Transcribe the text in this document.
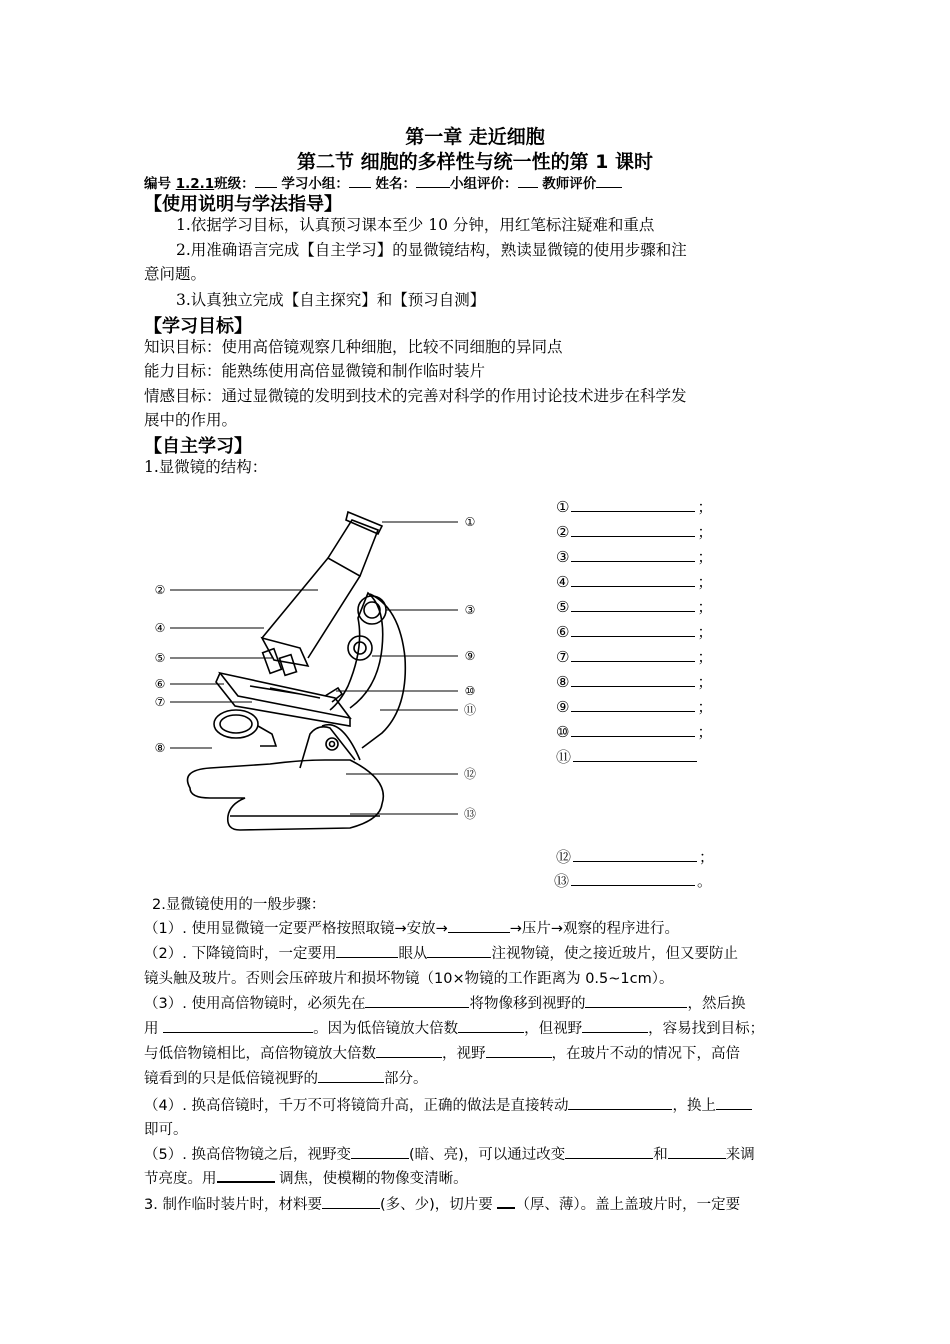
第一章 走近细胞
第二节 细胞的多样性与统一性的第 1 课时
编号 1.2.1班级： 学习小组： 姓名：	小组评价： 教师评价
【使用说明与学法指导】
1.依据学习目标，认真预习课本至少 10 分钟，用红笔标注疑难和重点
2.用准确语言完成【自主学习】的显微镜结构，熟读显微镜的使用步骤和注
意问题。
3.认真独立完成【自主探究】和【预习自测】
【学习目标】
知识目标：使用高倍镜观察几种细胞，比较不同细胞的异同点
能力目标：能熟练使用高倍显微镜和制作临时装片
情感目标：通过显微镜的发明到技术的完善对科学的作用讨论技术进步在科学发
展中的作用。
【自主学习】
1.显微镜的结构：
①
②
③
④
⑨
⑤
⑥	⑩
⑦
⑪
⑧
⑫
⑬
①	；
②	；
③	；
④	；
⑤	；
⑥	；
⑦	；
⑧	；
⑨	；
⑩	；
⑪
⑫	；
⑬	。
2.显微镜使用的一般步骤：
（1）. 使用显微镜一定要严格按照取镜→安放→	→压片→观察的程序进行。
（2）. 下降镜筒时，一定要用	眼从	注视物镜，使之接近玻片，但又要防止
镜头触及玻片。否则会压碎玻片和损坏物镜（10×物镜的工作距离为 0.5~1cm）。
（3）. 使用高倍物镜时，必须先在	将物像移到视野的	，然后换
用	。因为低倍镜放大倍数	，但视野	，容易找到目标；
与低倍物镜相比，高倍物镜放大倍数	，视野	，在玻片不动的情况下，高倍
镜看到的只是低倍镜视野的	部分。
（4）. 换高倍镜时，千万不可将镜筒升高，正确的做法是直接转动	，换上
即可。
（5）. 换高倍物镜之后，视野变	(暗、亮)，可以通过改变	和	来调
节亮度。用	调焦，使模糊的物像变清晰。
3. 制作临时装片时，材料要	(多、少)，切片要 （厚、薄）。盖上盖玻片时，一定要
